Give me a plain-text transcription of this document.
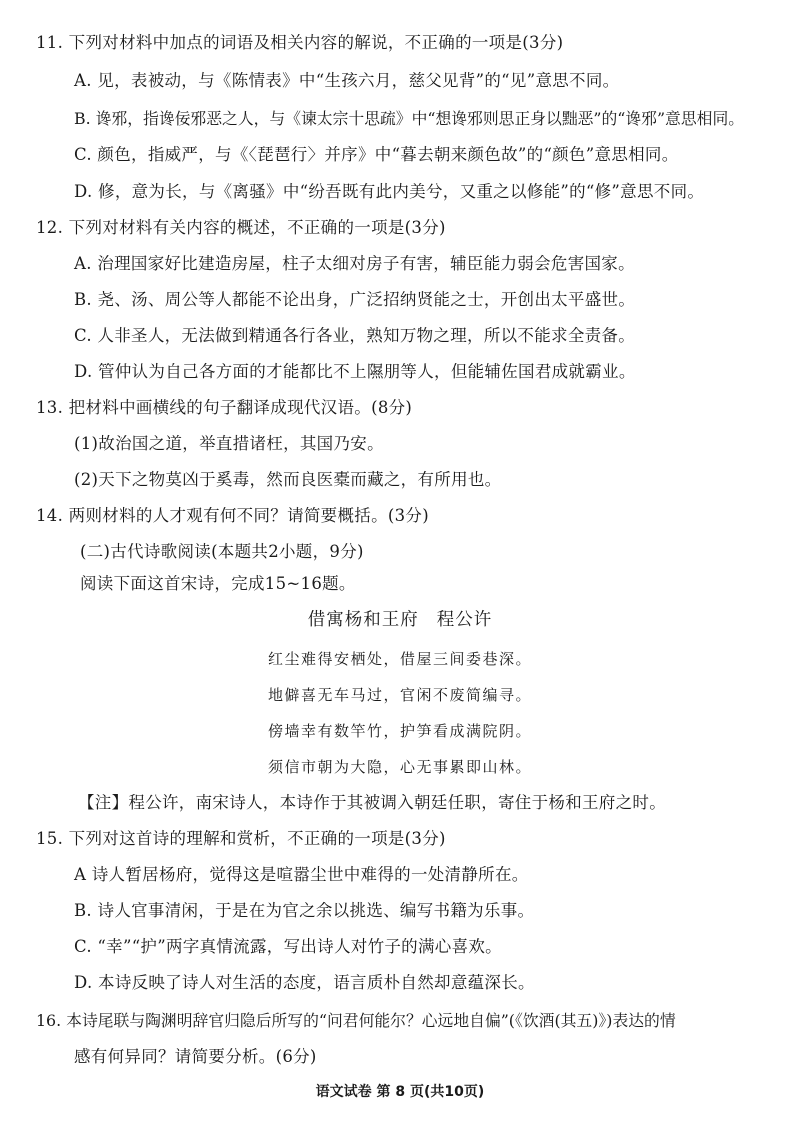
11. 下列对材料中加点的词语及相关内容的解说，不正确的一项是(3分)
A. 见，表被动，与《陈情表》中“生孩六月，慈父见背”的“见”意思不同。
B. 谗邪，指谗佞邪恶之人，与《谏太宗十思疏》中“想谗邪则思正身以黜恶”的“谗邪”意思相同。
C. 颜色，指威严，与《〈琵琶行〉并序》中“暮去朝来颜色故”的“颜色”意思相同。
D. 修，意为长，与《离骚》中“纷吾既有此内美兮，又重之以修能”的“修”意思不同。
12. 下列对材料有关内容的概述，不正确的一项是(3分)
A. 治理国家好比建造房屋，柱子太细对房子有害，辅臣能力弱会危害国家。
B. 尧、汤、周公等人都能不论出身，广泛招纳贤能之士，开创出太平盛世。
C. 人非圣人，无法做到精通各行各业，熟知万物之理，所以不能求全责备。
D. 管仲认为自己各方面的才能都比不上隰朋等人，但能辅佐国君成就霸业。
13. 把材料中画横线的句子翻译成现代汉语。(8分)
(1)故治国之道，举直措诸枉，其国乃安。
(2)天下之物莫凶于奚毒，然而良医橐而藏之，有所用也。
14. 两则材料的人才观有何不同？请简要概括。(3分)
(二)古代诗歌阅读(本题共2小题，9分)
阅读下面这首宋诗，完成15~16题。
借寓杨和王府 程公许
红尘难得安栖处，借屋三间委巷深。
地僻喜无车马过，官闲不废简编寻。
傍墙幸有数竿竹，护笋看成满院阴。
须信市朝为大隐，心无事累即山林。
【注】程公许，南宋诗人，本诗作于其被调入朝廷任职，寄住于杨和王府之时。
15. 下列对这首诗的理解和赏析，不正确的一项是(3分)
A 诗人暂居杨府，觉得这是喧嚣尘世中难得的一处清静所在。
B. 诗人官事清闲，于是在为官之余以挑选、编写书籍为乐事。
C. “幸”“护”两字真情流露，写出诗人对竹子的满心喜欢。
D. 本诗反映了诗人对生活的态度，语言质朴自然却意蕴深长。
16. 本诗尾联与陶渊明辞官归隐后所写的“问君何能尔？心远地自偏”(《饮酒(其五)》)表达的情
感有何异同？请简要分析。(6分)
语文试卷 第 8 页(共10页)
